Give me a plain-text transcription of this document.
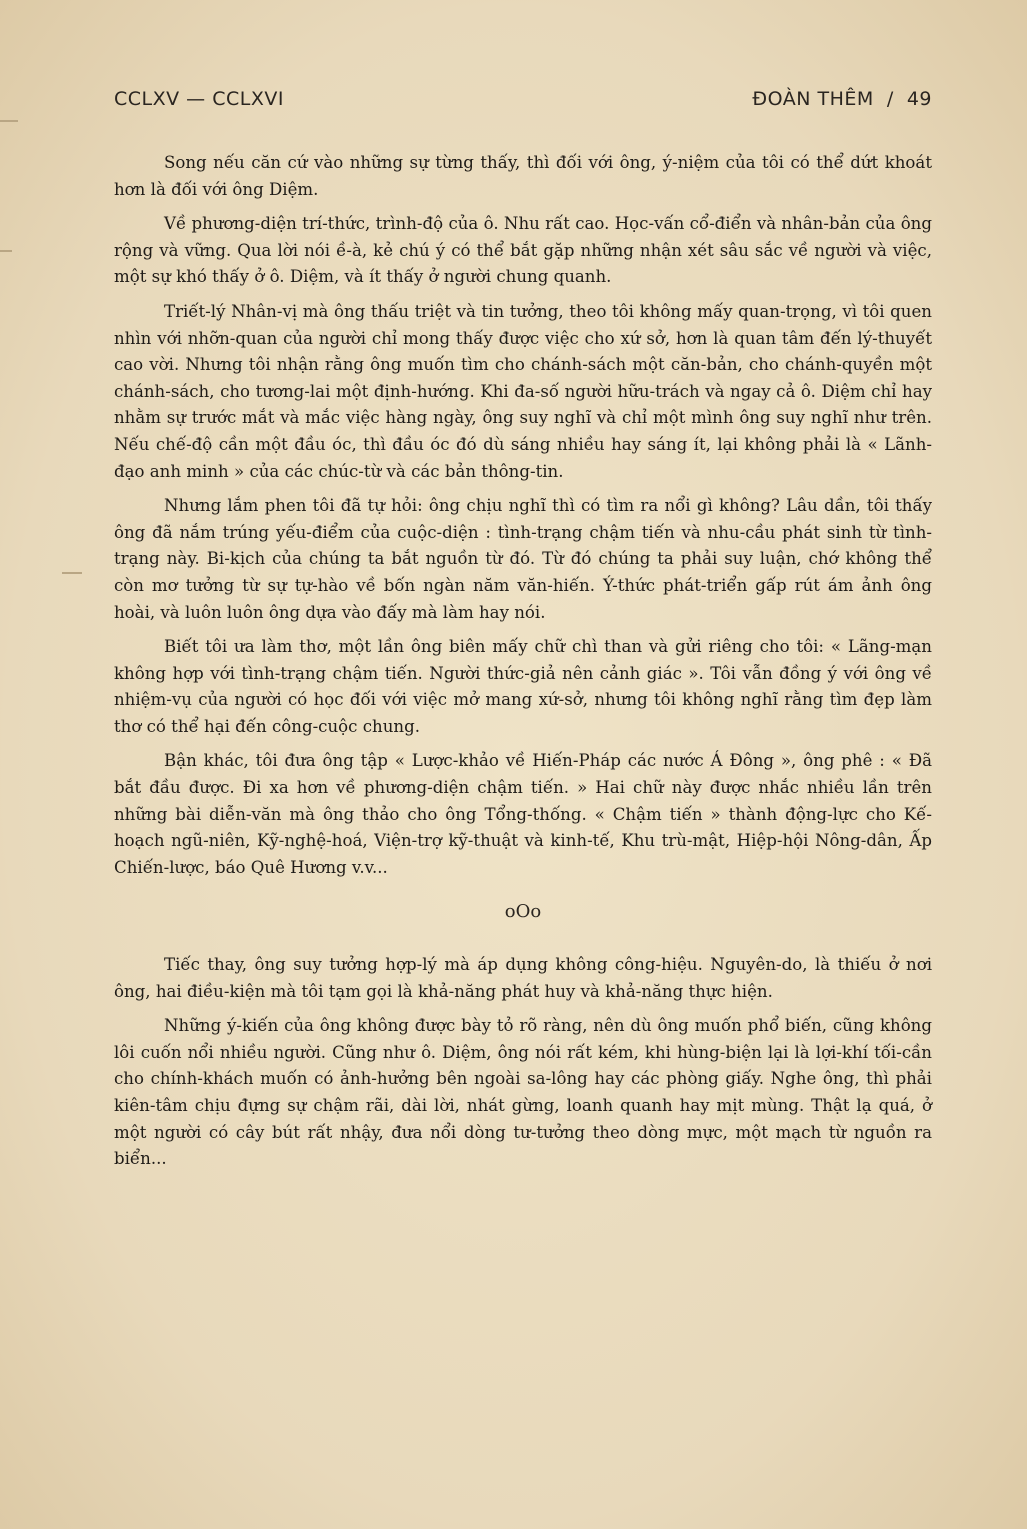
CCLXV — CCLXVI	ĐOÀN THÊM  /  49

Song nếu căn cứ vào những sự từng thấy, thì đối với ông, ý-niệm của tôi có thể dứt khoát hơn là đối với ông Diệm.

Về phương-diện trí-thức, trình-độ của ô. Nhu rất cao. Học-vấn cổ-điển và nhân-bản của ông rộng và vững. Qua lời nói ề-à, kẻ chú ý có thể bắt gặp những nhận xét sâu sắc về người và việc, một sự khó thấy ở ô. Diệm, và ít thấy ở người chung quanh.

Triết-lý Nhân-vị mà ông thấu triệt và tin tưởng, theo tôi không mấy quan-trọng, vì tôi quen nhìn với nhỡn-quan của người chỉ mong thấy được việc cho xứ sở, hơn là quan tâm đến lý-thuyết cao vời. Nhưng tôi nhận rằng ông muốn tìm cho chánh-sách một căn-bản, cho chánh-quyền một chánh-sách, cho tương-lai một định-hướng. Khi đa-số người hữu-trách và ngay cả ô. Diệm chỉ hay nhằm sự trước mắt và mắc việc hàng ngày, ông suy nghĩ và chỉ một mình ông suy nghĩ như trên. Nếu chế-độ cần một đầu óc, thì đầu óc đó dù sáng nhiều hay sáng ít, lại không phải là « Lãnh-đạo anh minh » của các chúc-từ và các bản thông-tin.

Nhưng lắm phen tôi đã tự hỏi: ông chịu nghĩ thì có tìm ra nổi gì không? Lâu dần, tôi thấy ông đã nắm trúng yếu-điểm của cuộc-diện : tình-trạng chậm tiến và nhu-cầu phát sinh từ tình-trạng này. Bi-kịch của chúng ta bắt nguồn từ đó. Từ đó chúng ta phải suy luận, chớ không thể còn mơ tưởng từ sự tự-hào về bốn ngàn năm văn-hiến. Ý-thức phát-triển gấp rút ám ảnh ông hoài, và luôn luôn ông dựa vào đấy mà làm hay nói.

Biết tôi ưa làm thơ, một lần ông biên mấy chữ chì than và gửi riêng cho tôi: « Lãng-mạn không hợp với tình-trạng chậm tiến. Người thức-giả nên cảnh giác ». Tôi vẫn đồng ý với ông về nhiệm-vụ của người có học đối với việc mở mang xứ-sở, nhưng tôi không nghĩ rằng tìm đẹp làm thơ có thể hại đến công-cuộc chung.

Bận khác, tôi đưa ông tập « Lược-khảo về Hiến-Pháp các nước Á Đông », ông phê : « Đã bắt đầu được. Đi xa hơn về phương-diện chậm tiến. » Hai chữ này được nhắc nhiều lần trên những bài diễn-văn mà ông thảo cho ông Tổng-thống. « Chậm tiến » thành động-lực cho Kế-hoạch ngũ-niên, Kỹ-nghệ-hoá, Viện-trợ kỹ-thuật và kinh-tế, Khu trù-mật, Hiệp-hội Nông-dân, Ấp Chiến-lược, báo Quê Hương v.v...

oOo

Tiếc thay, ông suy tưởng hợp-lý mà áp dụng không công-hiệu. Nguyên-do, là thiếu ở nơi ông, hai điều-kiện mà tôi tạm gọi là khả-năng phát huy và khả-năng thực hiện.

Những ý-kiến của ông không được bày tỏ rõ ràng, nên dù ông muốn phổ biến, cũng không lôi cuốn nổi nhiều người. Cũng như ô. Diệm, ông nói rất kém, khi hùng-biện lại là lợi-khí tối-cần cho chính-khách muốn có ảnh-hưởng bên ngoài sa-lông hay các phòng giấy. Nghe ông, thì phải kiên-tâm chịu đựng sự chậm rãi, dài lời, nhát gừng, loanh quanh hay mịt mùng. Thật lạ quá, ở một người có cây bút rất nhậy, đưa nổi dòng tư-tưởng theo dòng mực, một mạch từ nguồn ra biển...
